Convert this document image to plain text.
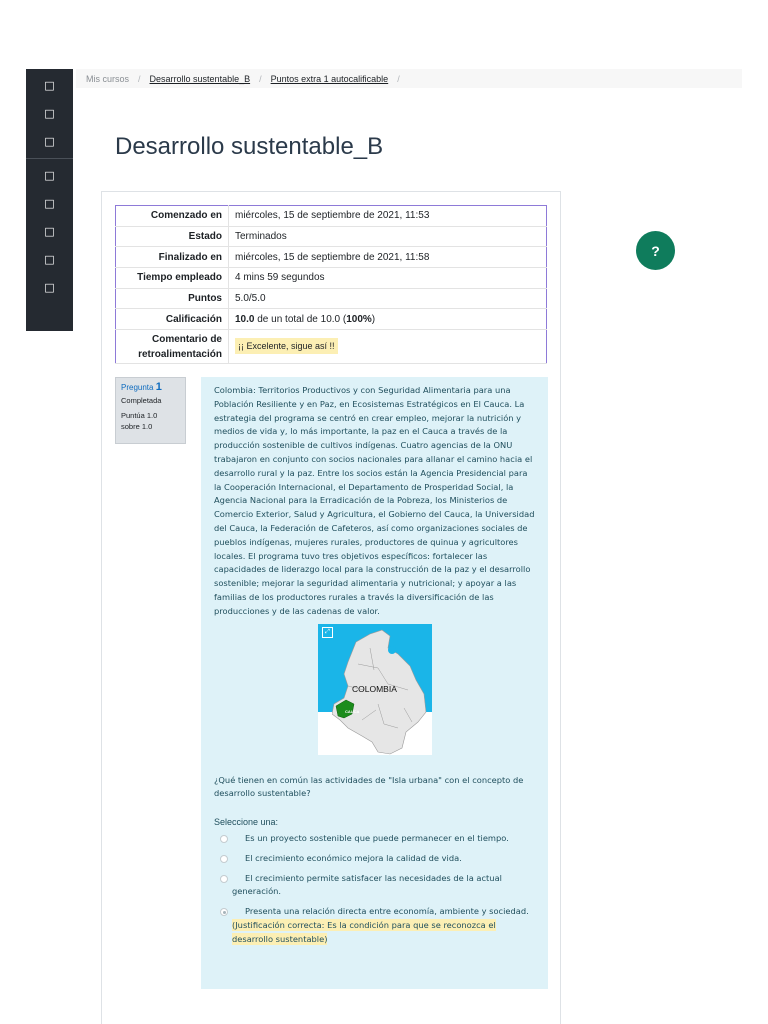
□
□
□
□
□
□
□
□
Mis cursos / Desarrollo sustentable_B / Puntos extra 1 autocalificable /
Desarrollo sustentable_B
?
Comenzado en	miércoles, 15 de septiembre de 2021, 11:53
Estado	Terminados
Finalizado en	miércoles, 15 de septiembre de 2021, 11:58
Tiempo empleado	4 mins 59 segundos
Puntos	5.0/5.0
Calificación	10.0 de un total de 10.0 (100%)
Comentario de
retroalimentación	¡¡ Excelente, sigue así !!
Pregunta 1
Completada
Puntúa 1.0
sobre 1.0

Colombia: Territorios Productivos y con Seguridad Alimentaria para una Población Resiliente y en Paz, en Ecosistemas Estratégicos en El Cauca. La estrategia del programa se centró en crear empleo, mejorar la nutrición y medios de vida y, lo más importante, la paz en el Cauca a través de la producción sostenible de cultivos indígenas. Cuatro agencias de la ONU trabajaron en conjunto con socios nacionales para allanar el camino hacia el desarrollo rural y la paz. Entre los socios están la Agencia Presidencial para la Cooperación Internacional, el Departamento de Prosperidad Social, la Agencia Nacional para la Erradicación de la Pobreza, los Ministerios de Comercio Exterior, Salud y Agricultura, el Gobierno del Cauca, la Universidad del Cauca, la Federación de Cafeteros, así como organizaciones sociales de pueblos indígenas, mujeres rurales, productores de quinua y agricultores locales. El programa tuvo tres objetivos específicos: fortalecer las capacidades de liderazgo local para la construcción de la paz y el desarrollo sostenible; mejorar la seguridad alimentaria y nutricional; y apoyar a las familias de los productores rurales a través la diversificación de las producciones y de las cadenas de valor.

⤢
COLOMBIA
CAUCA

¿Qué tienen en común las actividades de "Isla urbana" con el concepto de desarrollo sustentable?

Seleccione una:

Es un proyecto sostenible que puede permanecer en el tiempo.
El crecimiento económico mejora la calidad de vida.
El crecimiento permite satisfacer las necesidades de la actual generación.
Presenta una relación directa entre economía, ambiente y sociedad.
(Justificación correcta: Es la condición para que se reconozca el desarrollo sustentable)
